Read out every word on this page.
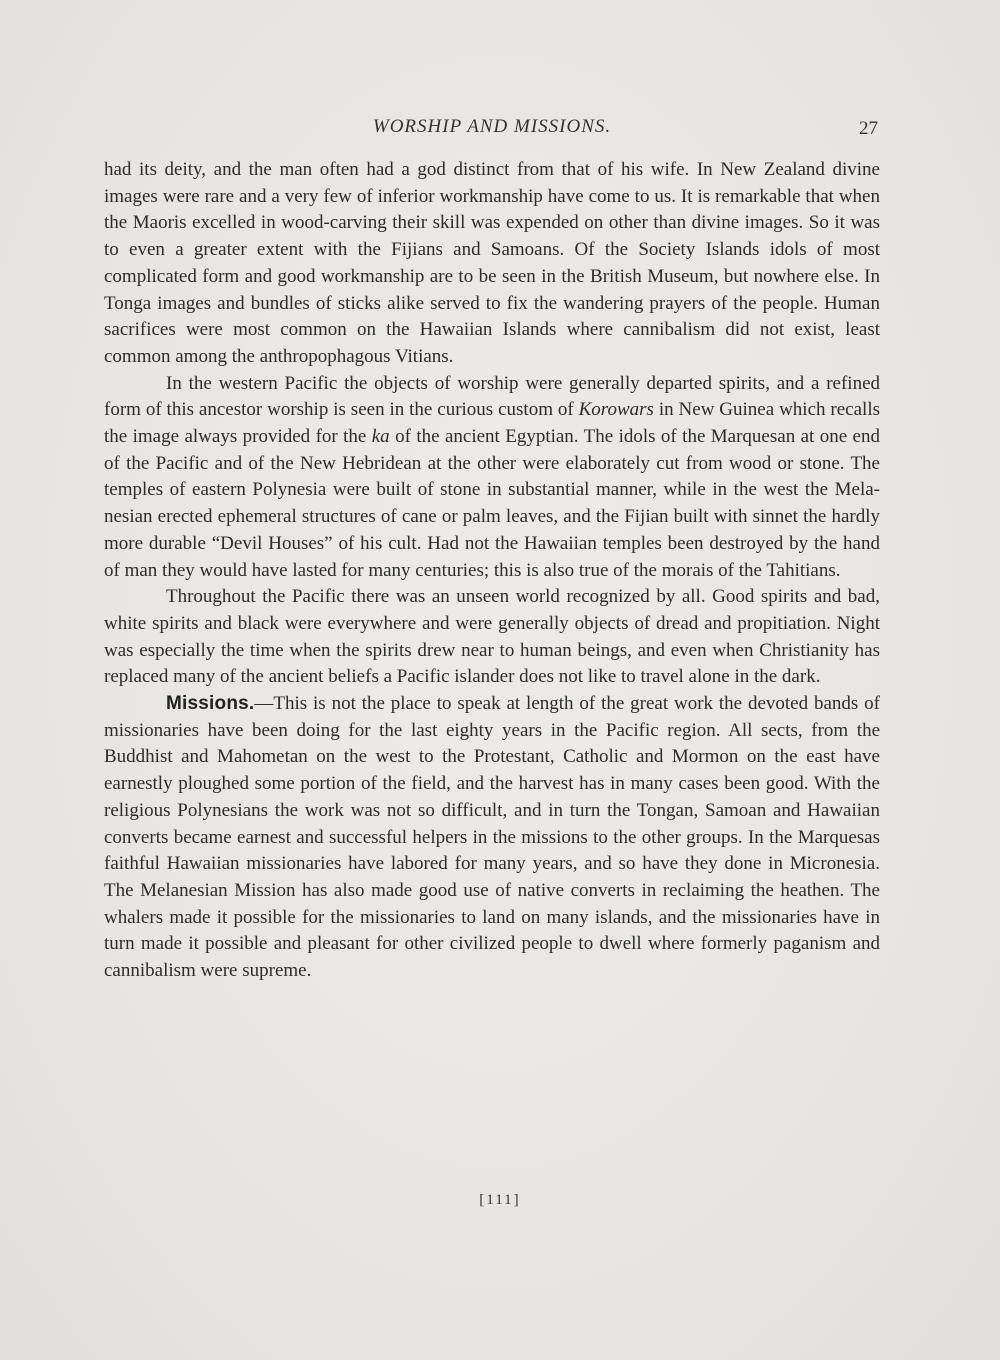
WORSHIP AND MISSIONS.	27

had its deity, and the man often had a god distinct from that of his wife. In New Zealand divine images were rare and a very few of inferior workmanship have come to us. It is remarkable that when the Maoris excelled in wood-carving their skill was expended on other than divine images. So it was to even a greater extent with the Fijians and Samoans. Of the Society Islands idols of most complicated form and good workmanship are to be seen in the British Museum, but nowhere else. In Tonga images and bundles of sticks alike served to fix the wandering prayers of the people. Human sacrifices were most common on the Hawaiian Islands where cannibalism did not exist, least common among the anthropophagous Vitians.

In the western Pacific the objects of worship were generally departed spirits, and a refined form of this ancestor worship is seen in the curious custom of Korowars in New Guinea which recalls the image always provided for the ka of the ancient Egyptian. The idols of the Marquesan at one end of the Pacific and of the New Hebridean at the other were elaborately cut from wood or stone. The temples of eastern Polynesia were built of stone in substantial manner, while in the west the Melanesian erected ephemeral structures of cane or palm leaves, and the Fijian built with sinnet the hardly more durable “Devil Houses” of his cult. Had not the Hawaiian temples been destroyed by the hand of man they would have lasted for many centuries; this is also true of the morais of the Tahitians.

Throughout the Pacific there was an unseen world recognized by all. Good spirits and bad, white spirits and black were everywhere and were generally objects of dread and propitiation. Night was especially the time when the spirits drew near to human beings, and even when Christianity has replaced many of the ancient beliefs a Pacific islander does not like to travel alone in the dark.

Missions.—This is not the place to speak at length of the great work the devoted bands of missionaries have been doing for the last eighty years in the Pacific region. All sects, from the Buddhist and Mahometan on the west to the Protestant, Catholic and Mormon on the east have earnestly ploughed some portion of the field, and the harvest has in many cases been good. With the religious Polynesians the work was not so difficult, and in turn the Tongan, Samoan and Hawaiian converts became earnest and successful helpers in the missions to the other groups. In the Marquesas faithful Hawaiian missionaries have labored for many years, and so have they done in Micronesia. The Melanesian Mission has also made good use of native converts in reclaiming the heathen. The whalers made it possible for the missionaries to land on many islands, and the missionaries have in turn made it possible and pleasant for other civilized people to dwell where formerly paganism and cannibalism were supreme.

[111]
